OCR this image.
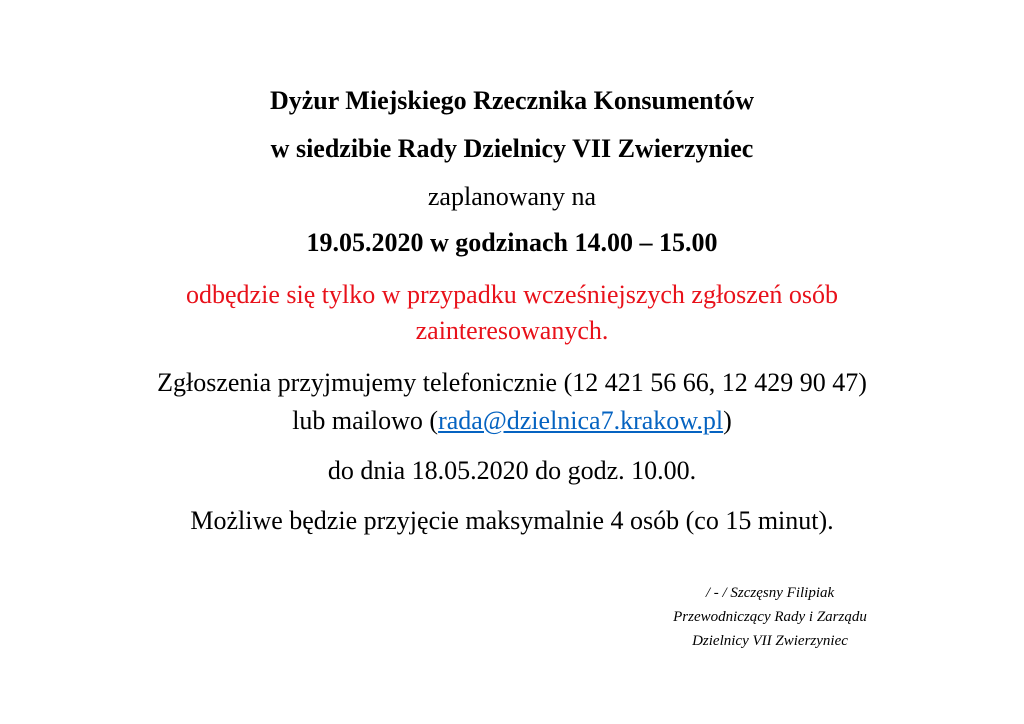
Dyżur Miejskiego Rzecznika Konsumentów
w siedzibie Rady Dzielnicy VII Zwierzyniec
zaplanowany na
19.05.2020 w godzinach 14.00 – 15.00
odbędzie się tylko w przypadku wcześniejszych zgłoszeń osób
zainteresowanych.
Zgłoszenia przyjmujemy telefonicznie (12 421 56 66, 12 429 90 47)
lub mailowo (rada@dzielnica7.krakow.pl)
do dnia 18.05.2020 do godz. 10.00.
Możliwe będzie przyjęcie maksymalnie 4 osób (co 15 minut).
/ - / Szczęsny Filipiak
Przewodniczący Rady i Zarządu
Dzielnicy VII Zwierzyniec
